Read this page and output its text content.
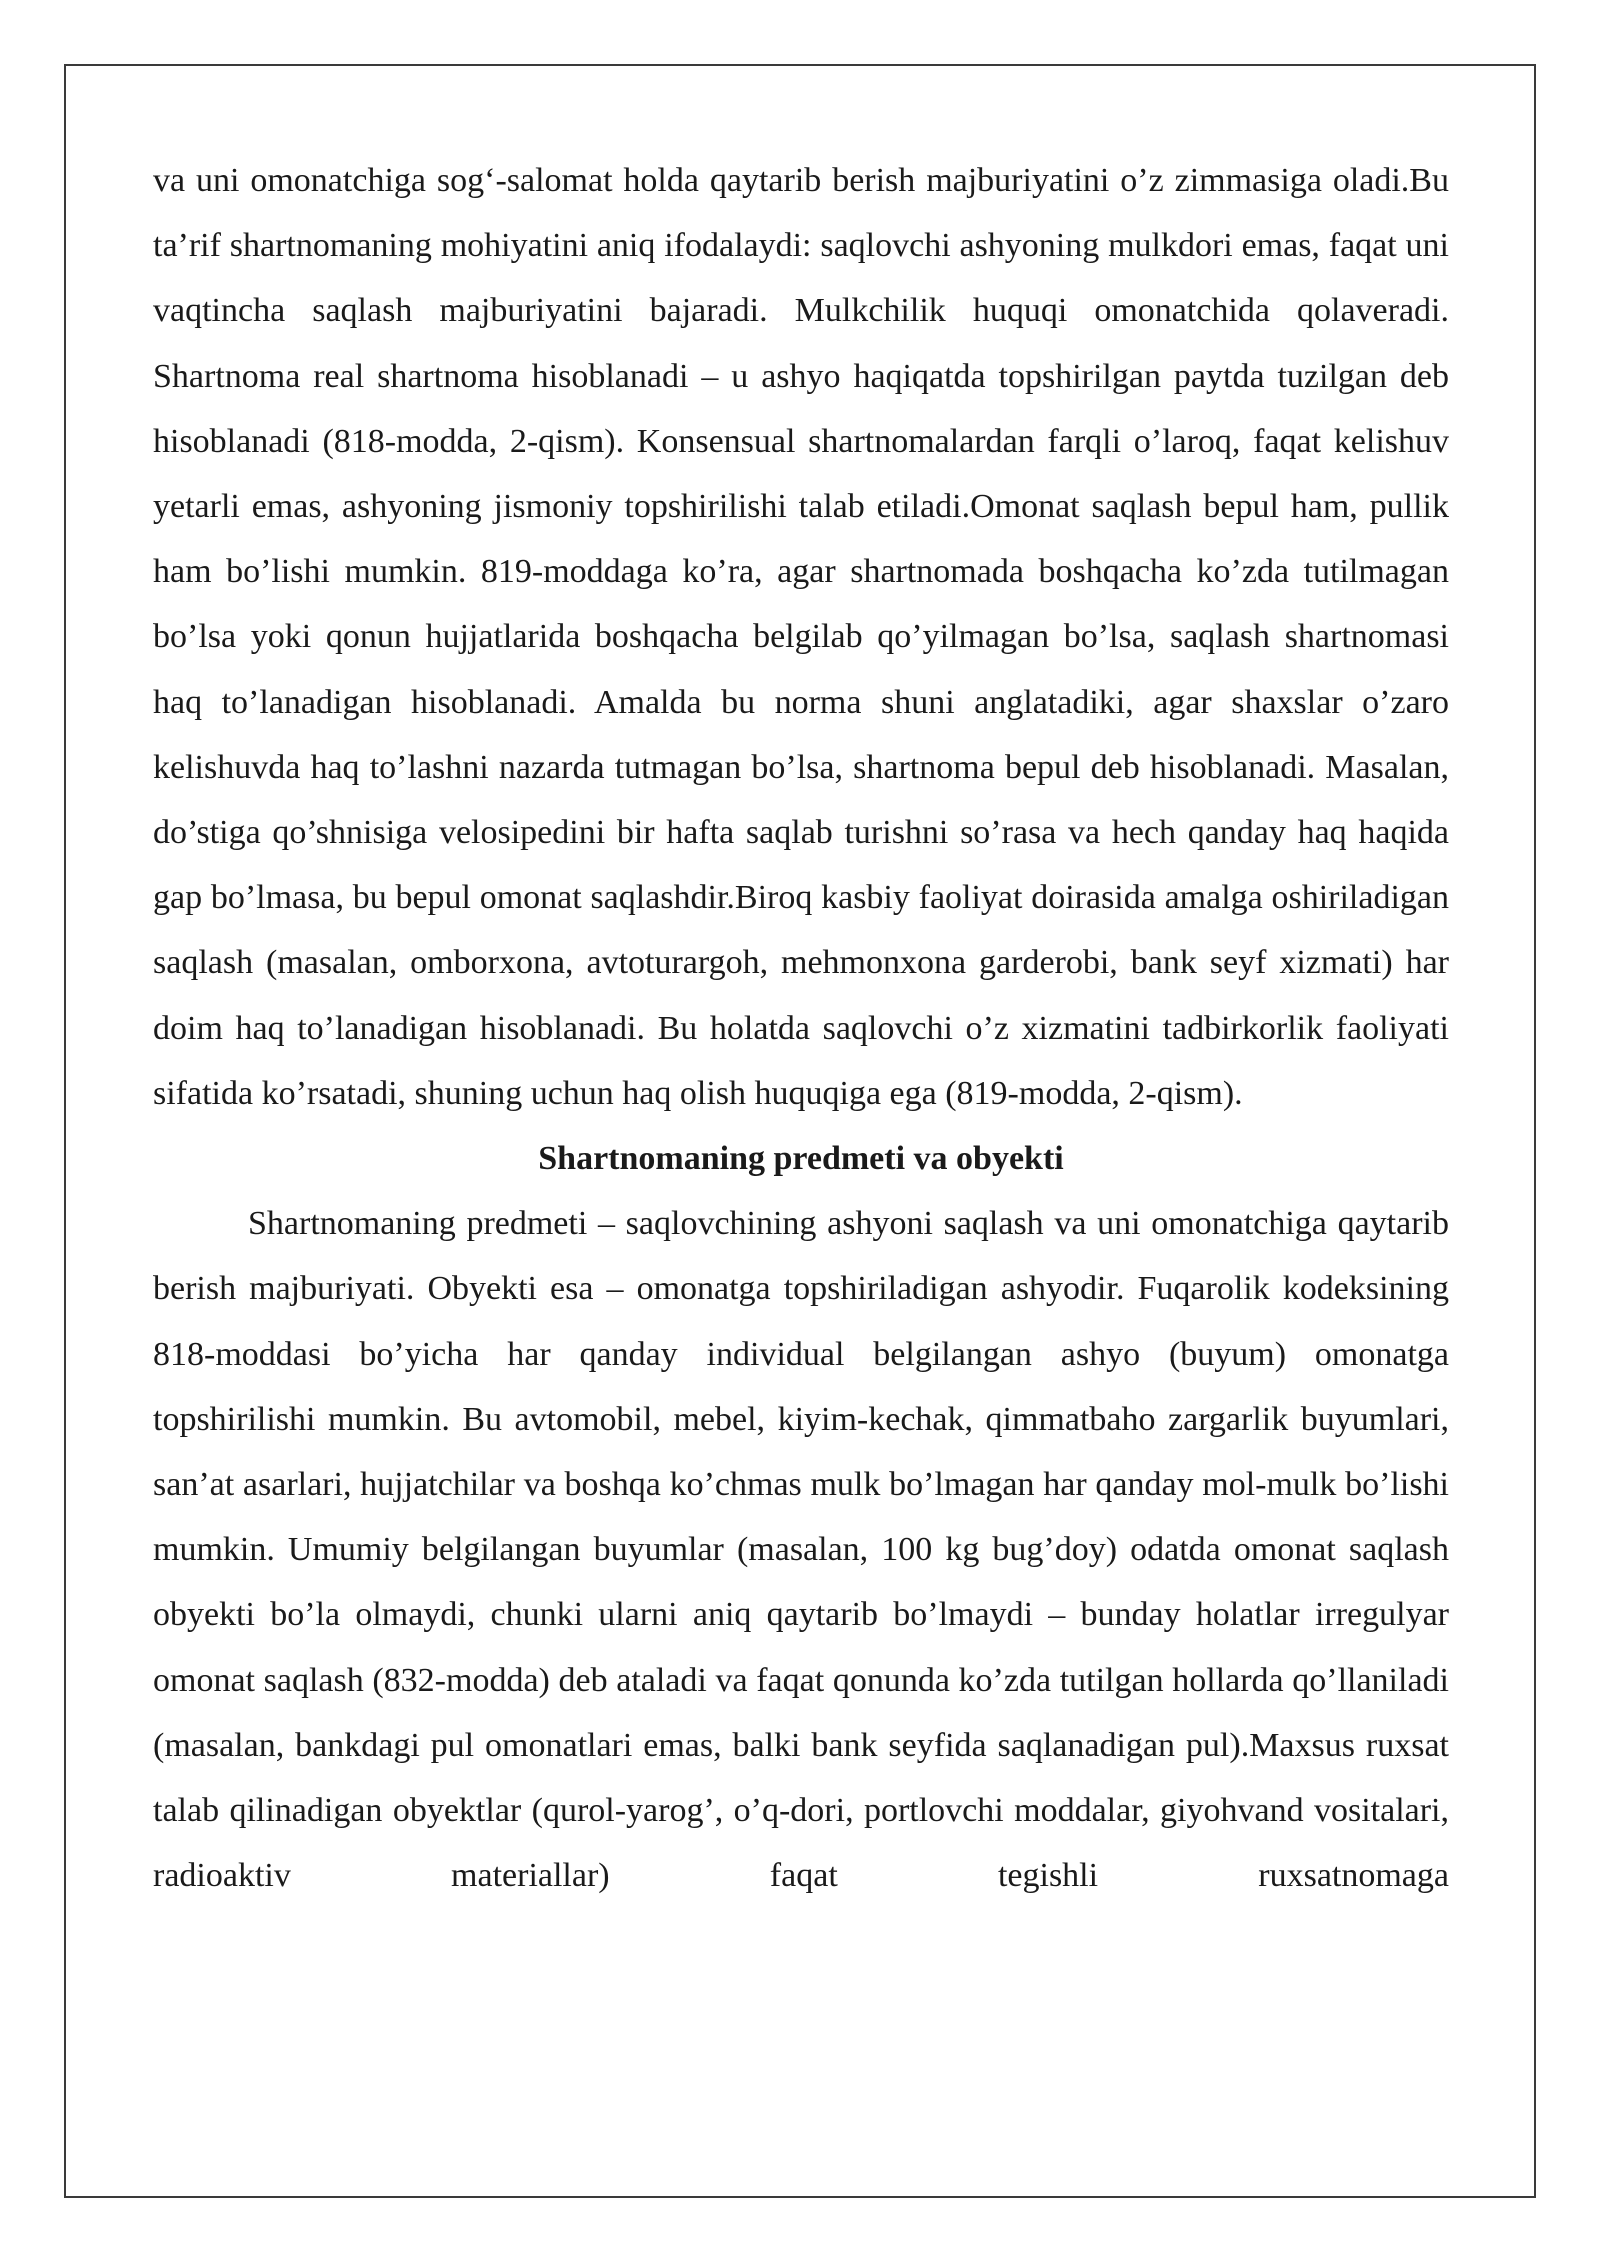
va uni omonatchiga sog‘-salomat holda qaytarib berish majburiyatini o’z zimmasiga oladi.Bu ta’rif shartnomaning mohiyatini aniq ifodalaydi: saqlovchi ashyoning mulkdori emas, faqat uni vaqtincha saqlash majburiyatini bajaradi. Mulkchilik huquqi omonatchida qolaveradi. Shartnoma real shartnoma hisoblanadi – u ashyo haqiqatda topshirilgan paytda tuzilgan deb hisoblanadi (818-modda, 2-qism). Konsensual shartnomalardan farqli o’laroq, faqat kelishuv yetarli emas, ashyoning jismoniy topshirilishi talab etiladi.Omonat saqlash bepul ham, pullik ham bo’lishi mumkin. 819-moddaga ko’ra, agar shartnomada boshqacha ko’zda tutilmagan bo’lsa yoki qonun hujjatlarida boshqacha belgilab qo’yilmagan bo’lsa, saqlash shartnomasi haq to’lanadigan hisoblanadi. Amalda bu norma shuni anglatadiki, agar shaxslar o’zaro kelishuvda haq to’lashni nazarda tutmagan bo’lsa, shartnoma bepul deb hisoblanadi. Masalan, do’stiga qo’shnisiga velosipedini bir hafta saqlab turishni so’rasa va hech qanday haq haqida gap bo’lmasa, bu bepul omonat saqlashdir.Biroq kasbiy faoliyat doirasida amalga oshiriladigan saqlash (masalan, omborxona, avtoturargoh, mehmonxona garderobi, bank seyf xizmati) har doim haq to’lanadigan hisoblanadi. Bu holatda saqlovchi o’z xizmatini tadbirkorlik faoliyati sifatida ko’rsatadi, shuning uchun haq olish huquqiga ega (819-modda, 2-qism).

Shartnomaning predmeti va obyekti

Shartnomaning predmeti – saqlovchining ashyoni saqlash va uni omonatchiga qaytarib berish majburiyati. Obyekti esa – omonatga topshiriladigan ashyodir. Fuqarolik kodeksining 818-moddasi bo’yicha har qanday individual belgilangan ashyo (buyum) omonatga topshirilishi mumkin. Bu avtomobil, mebel, kiyim-kechak, qimmatbaho zargarlik buyumlari, san’at asarlari, hujjatchilar va boshqa ko’chmas mulk bo’lmagan har qanday mol-mulk bo’lishi mumkin. Umumiy belgilangan buyumlar (masalan, 100 kg bug’doy) odatda omonat saqlash obyekti bo’la olmaydi, chunki ularni aniq qaytarib bo’lmaydi – bunday holatlar irregulyar omonat saqlash (832-modda) deb ataladi va faqat qonunda ko’zda tutilgan hollarda qo’llaniladi (masalan, bankdagi pul omonatlari emas, balki bank seyfida saqlanadigan pul).Maxsus ruxsat talab qilinadigan obyektlar (qurol-yarog’, o’q-dori, portlovchi moddalar, giyohvand vositalari, radioaktiv materiallar) faqat tegishli ruxsatnomaga
